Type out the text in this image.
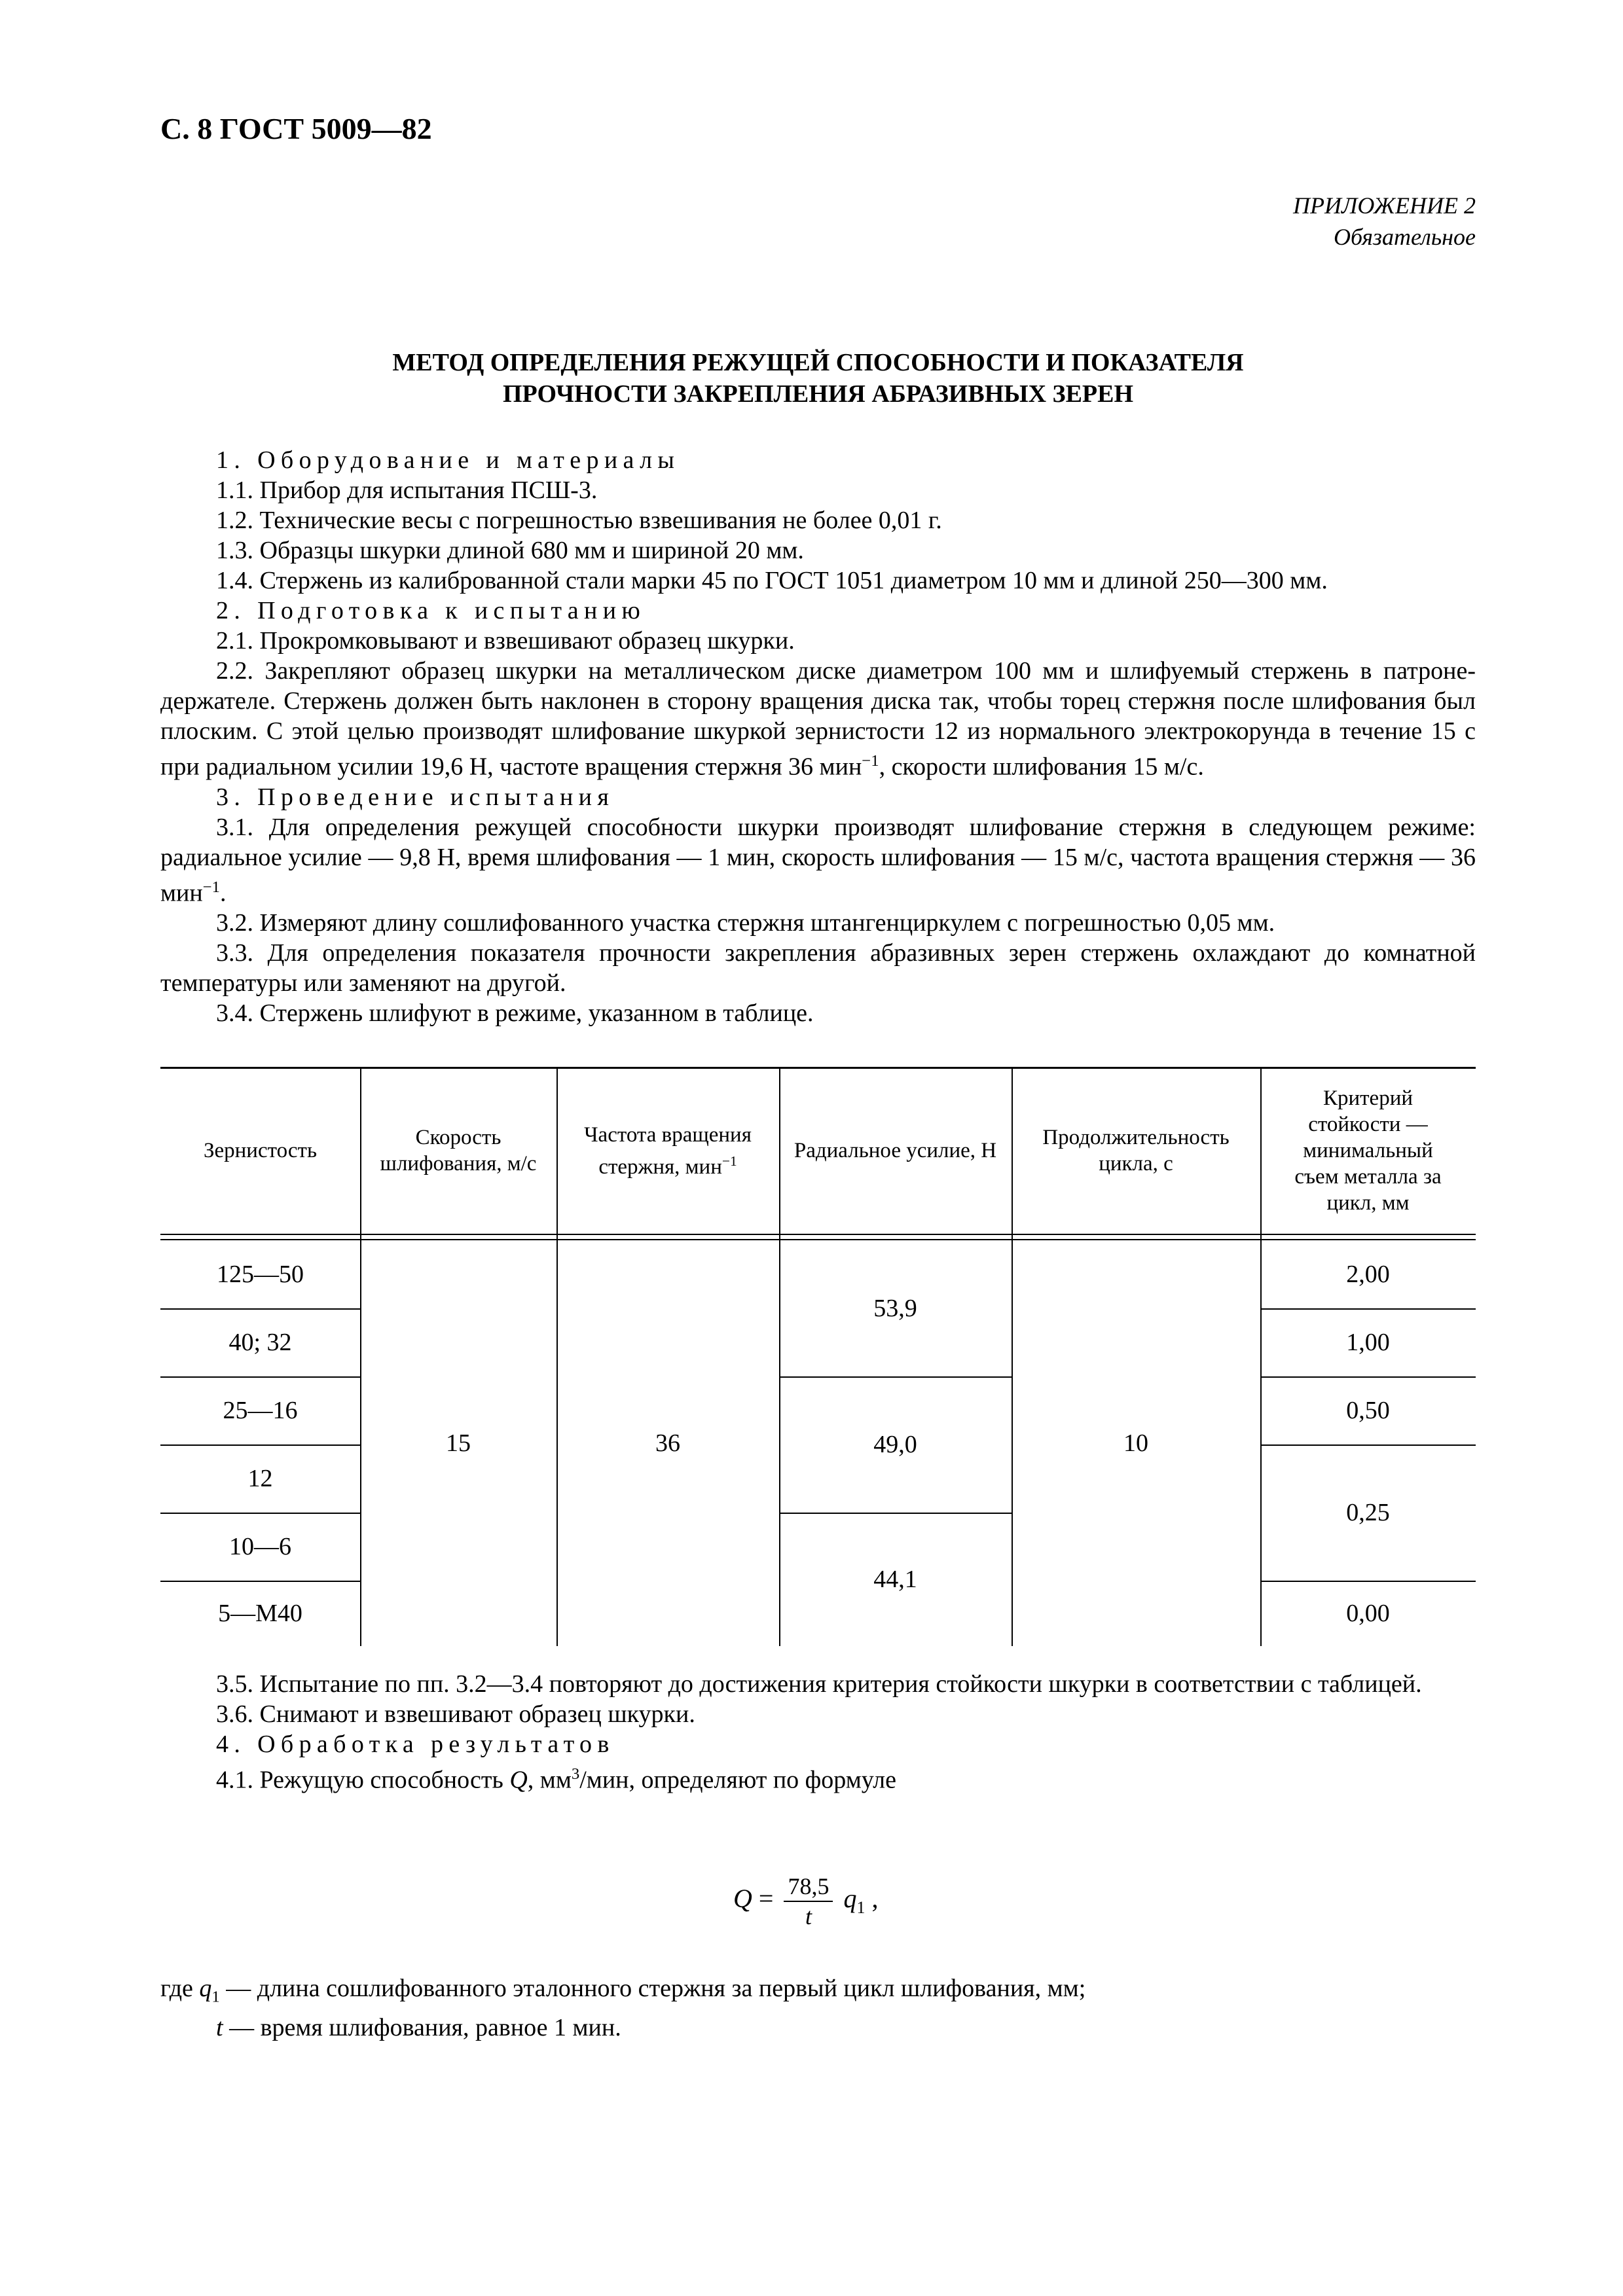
С. 8 ГОСТ 5009—82
ПРИЛОЖЕНИЕ 2
Обязательное
МЕТОД ОПРЕДЕЛЕНИЯ РЕЖУЩЕЙ СПОСОБНОСТИ И ПОКАЗАТЕЛЯ
ПРОЧНОСТИ ЗАКРЕПЛЕНИЯ АБРАЗИВНЫХ ЗЕРЕН

1. Оборудование и материалы

1.1. Прибор для испытания ПСШ-3.

1.2. Технические весы с погрешностью взвешивания не более 0,01 г.

1.3. Образцы шкурки длиной 680 мм и шириной 20 мм.

1.4. Стержень из калиброванной стали марки 45 по ГОСТ 1051 диаметром 10 мм и длиной 250—300 мм.

2. Подготовка к испытанию

2.1. Прокромковывают и взвешивают образец шкурки.

2.2. Закрепляют образец шкурки на металлическом диске диаметром 100 мм и шлифуемый стержень в патроне-держателе. Стержень должен быть наклонен в сторону вращения диска так, чтобы торец стержня после шлифования был плоским. С этой целью производят шлифование шкуркой зернистости 12 из нормального электрокорунда в течение 15 с при радиальном усилии 19,6 Н, частоте вращения стержня 36 мин$^{-1}$, скорости шлифования 15 м/с.

3. Проведение испытания

3.1. Для определения режущей способности шкурки производят шлифование стержня в следующем режиме: радиальное усилие — 9,8 Н, время шлифования — 1 мин, скорость шлифования — 15 м/с, частота вращения стержня — 36 мин$^{-1}$.

3.2. Измеряют длину сошлифованного участка стержня штангенциркулем с погрешностью 0,05 мм.

3.3. Для определения показателя прочности закрепления абразивных зерен стержень охлаждают до комнатной температуры или заменяют на другой.

3.4. Стержень шлифуют в режиме, указанном в таблице.

Зернистость
Скорость шлифования, м/с
Частота вращения стержня, мин$^{-1}$	Радиальное усилие, Н
Продолжительность цикла, с
Критерий стойкости — минимальный съем металла за цикл, мм
125—50
40; 32
25—16
12
10—6
5—М40
15	36
53,9
49,0
44,1
10
2,00
1,00
0,50
0,25
0,00

3.5. Испытание по пп. 3.2—3.4 повторяют до достижения критерия стойкости шкурки в соответствии с таблицей.

3.6. Снимают и взвешивают образец шкурки.

4. Обработка результатов

4.1. Режущую способность Q, $мм^3$/мин, определяют по формуле

$Q = \frac{78,5}{t} q_1$ ,

где $q_1$ — длина сошлифованного эталонного стержня за первый цикл шлифования, мм;

t — время шлифования, равное 1 мин.
